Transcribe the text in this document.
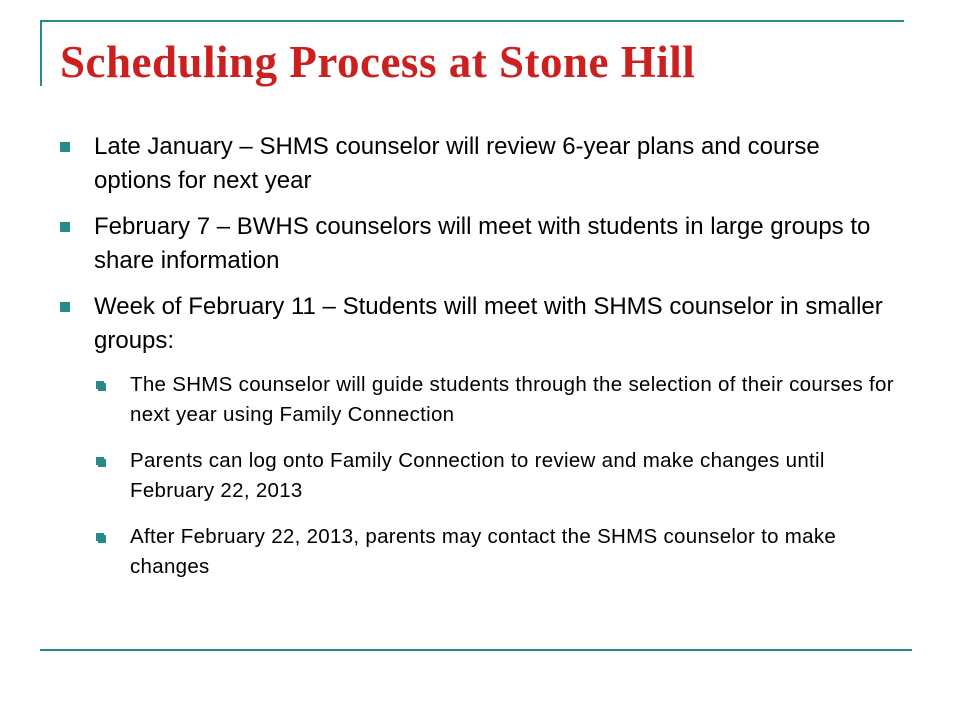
Scheduling Process at Stone Hill
Late January – SHMS counselor will review 6-year plans and course options for next year
February 7 – BWHS counselors will meet with students in large groups to share information
Week of February 11 – Students will meet with SHMS counselor in smaller groups:
The SHMS counselor will guide students through the selection of their courses for next year using Family Connection
Parents can log onto Family Connection to review and make changes until February 22, 2013
After February 22, 2013, parents may contact the SHMS counselor to make changes
